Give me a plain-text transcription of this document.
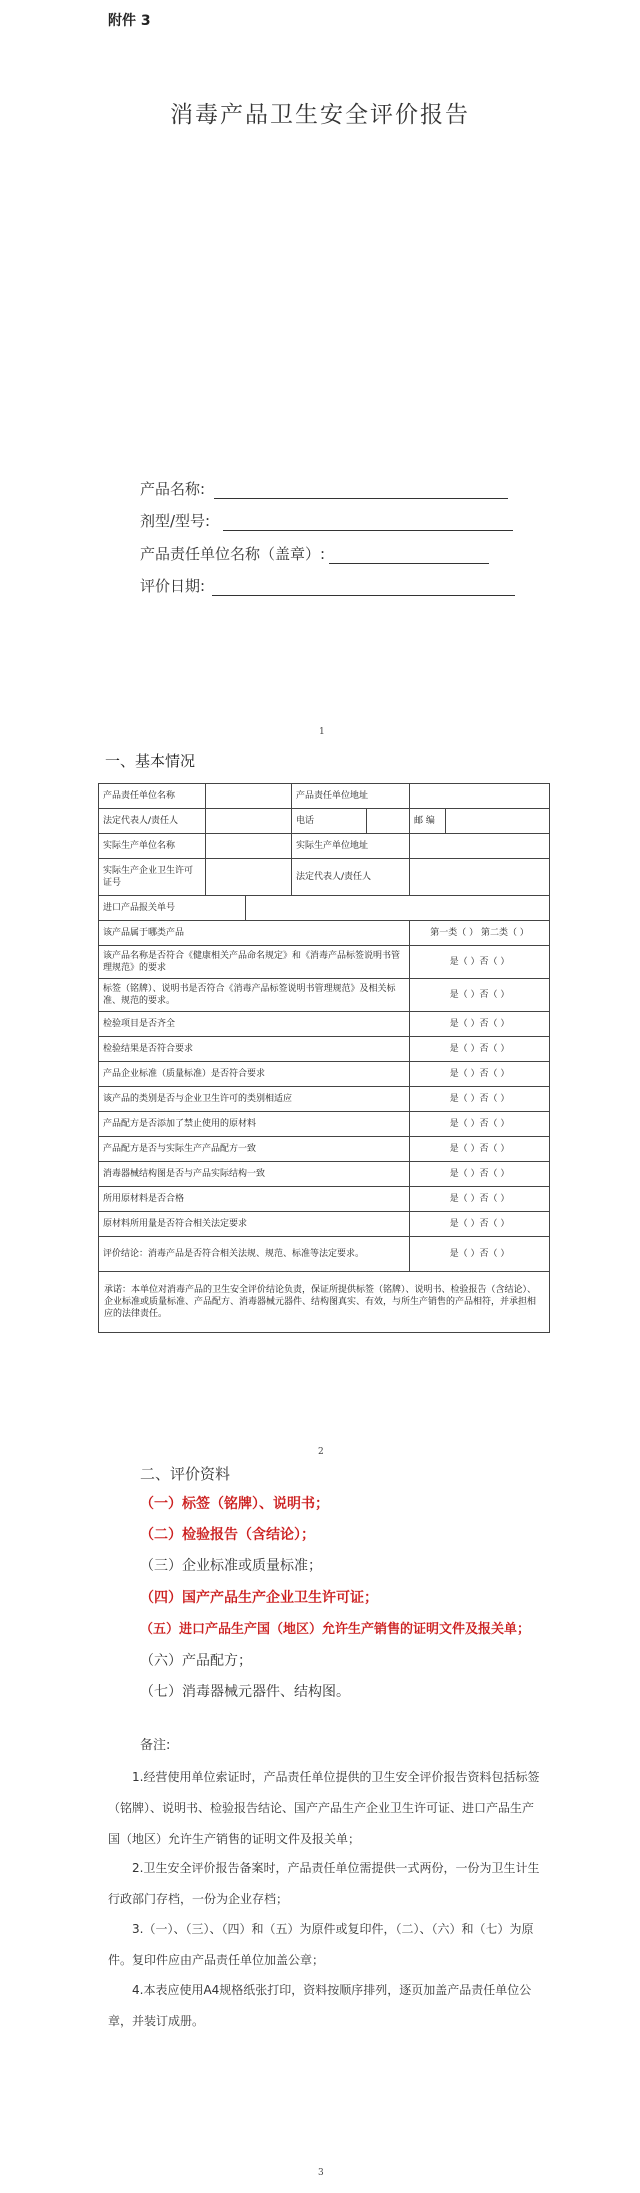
附件 3
消毒产品卫生安全评价报告
产品名称:
剂型/型号:
产品责任单位名称（盖章）:
评价日期:
1
一、基本情况
产品责任单位名称			产品责任单位地址			
法定代表人/责任人			电话		邮 编	
实际生产单位名称			实际生产单位地址			
实际生产企业卫生许可证号			法定代表人/责任人			
进口产品报关单号						
该产品属于哪类产品					第一类（ ） 第二类（ ）	
该产品名称是否符合《健康相关产品命名规定》和《消毒产品标签说明书管理规范》的要求					是（ ）否（ ）	
标签（铭牌）、说明书是否符合《消毒产品标签说明书管理规范》及相关标准、规范的要求。					是（ ）否（ ）	
检验项目是否齐全					是（ ）否（ ）	
检验结果是否符合要求					是（ ）否（ ）	
产品企业标准（质量标准）是否符合要求					是（ ）否（ ）	
该产品的类别是否与企业卫生许可的类别相适应					是（ ）否（ ）	
产品配方是否添加了禁止使用的原材料					是（ ）否（ ）	
产品配方是否与实际生产产品配方一致					是（ ）否（ ）	
消毒器械结构图是否与产品实际结构一致					是（ ）否（ ）	
所用原材料是否合格					是（ ）否（ ）	
原材料所用量是否符合相关法定要求					是（ ）否（ ）	
评价结论：消毒产品是否符合相关法规、规范、标准等法定要求。					是（ ）否（ ）	
承诺：本单位对消毒产品的卫生安全评价结论负责，保证所提供标签（铭牌）、说明书、检验报告（含结论）、企业标准或质量标准、产品配方、消毒器械元器件、结构图真实、有效，与所生产销售的产品相符，并承担相应的法律责任。						
2
二、评价资料
（一）标签（铭牌）、说明书；
（二）检验报告（含结论）；
（三）企业标准或质量标准；
（四）国产产品生产企业卫生许可证；
（五）进口产品生产国（地区）允许生产销售的证明文件及报关单；
（六）产品配方；
（七）消毒器械元器件、结构图。
备注:
1.经营使用单位索证时，产品责任单位提供的卫生安全评价报告资料包括标签（铭牌）、说明书、检验报告结论、国产产品生产企业卫生许可证、进口产品生产国（地区）允许生产销售的证明文件及报关单；
2.卫生安全评价报告备案时，产品责任单位需提供一式两份，一份为卫生计生行政部门存档，一份为企业存档；
3.（一）、（三）、（四）和（五）为原件或复印件，（二）、（六）和（七）为原件。复印件应由产品责任单位加盖公章；
4.本表应使用A4规格纸张打印，资料按顺序排列，逐页加盖产品责任单位公章，并装订成册。
3
